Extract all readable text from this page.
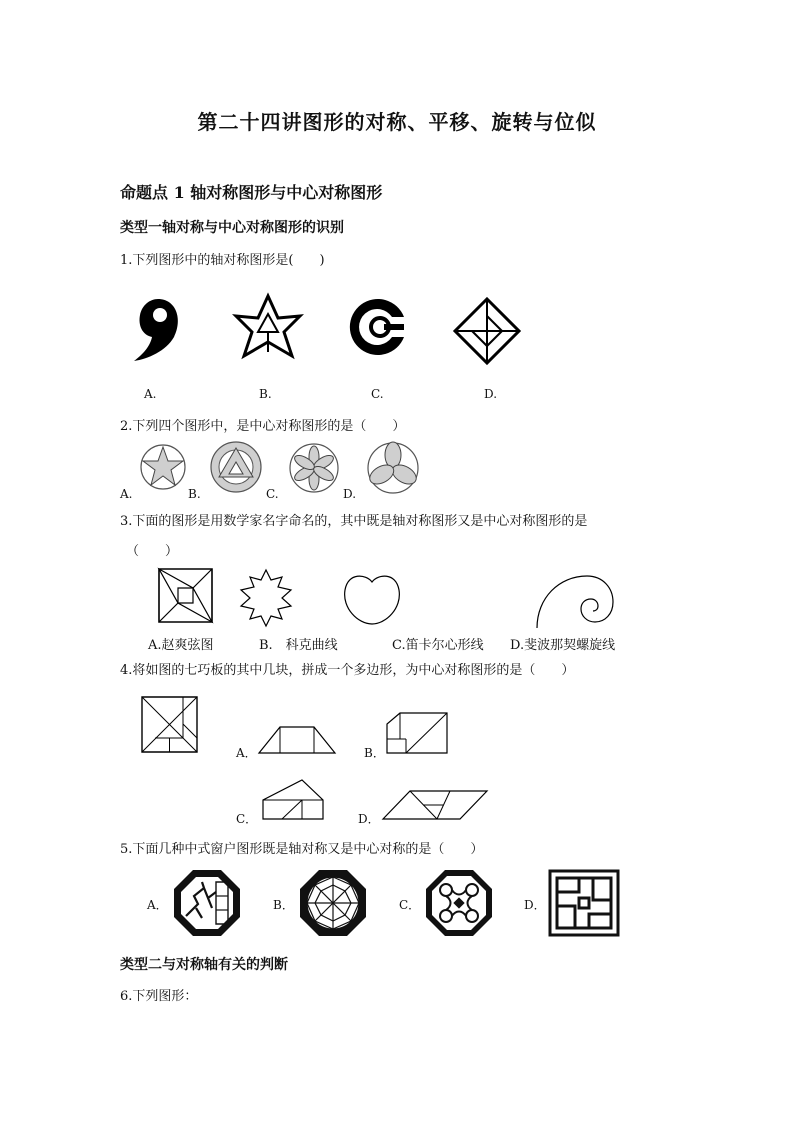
第二十四讲图形的对称、平移、旋转与位似
命题点 1 轴对称图形与中心对称图形
类型一轴对称与中心对称图形的识别
1.下列图形中的轴对称图形是(　　)
A.	B.	C.	D.
2.下列四个图形中，是中心对称图形的是（　　）
A.	B.	C.	D.
3.下面的图形是用数学家名字命名的，其中既是轴对称图形又是中心对称图形的是
（　　）
A.赵爽弦图	B.　科克曲线	C.笛卡尔心形线 D.斐波那契螺旋线
4.将如图的七巧板的其中几块，拼成一个多边形，为中心对称图形的是（　　）
A．	B．
C．	D．
5.下面几种中式窗户图形既是轴对称又是中心对称的是（　　）
A．	B．	C．	D．
类型二与对称轴有关的判断
6.下列图形：
